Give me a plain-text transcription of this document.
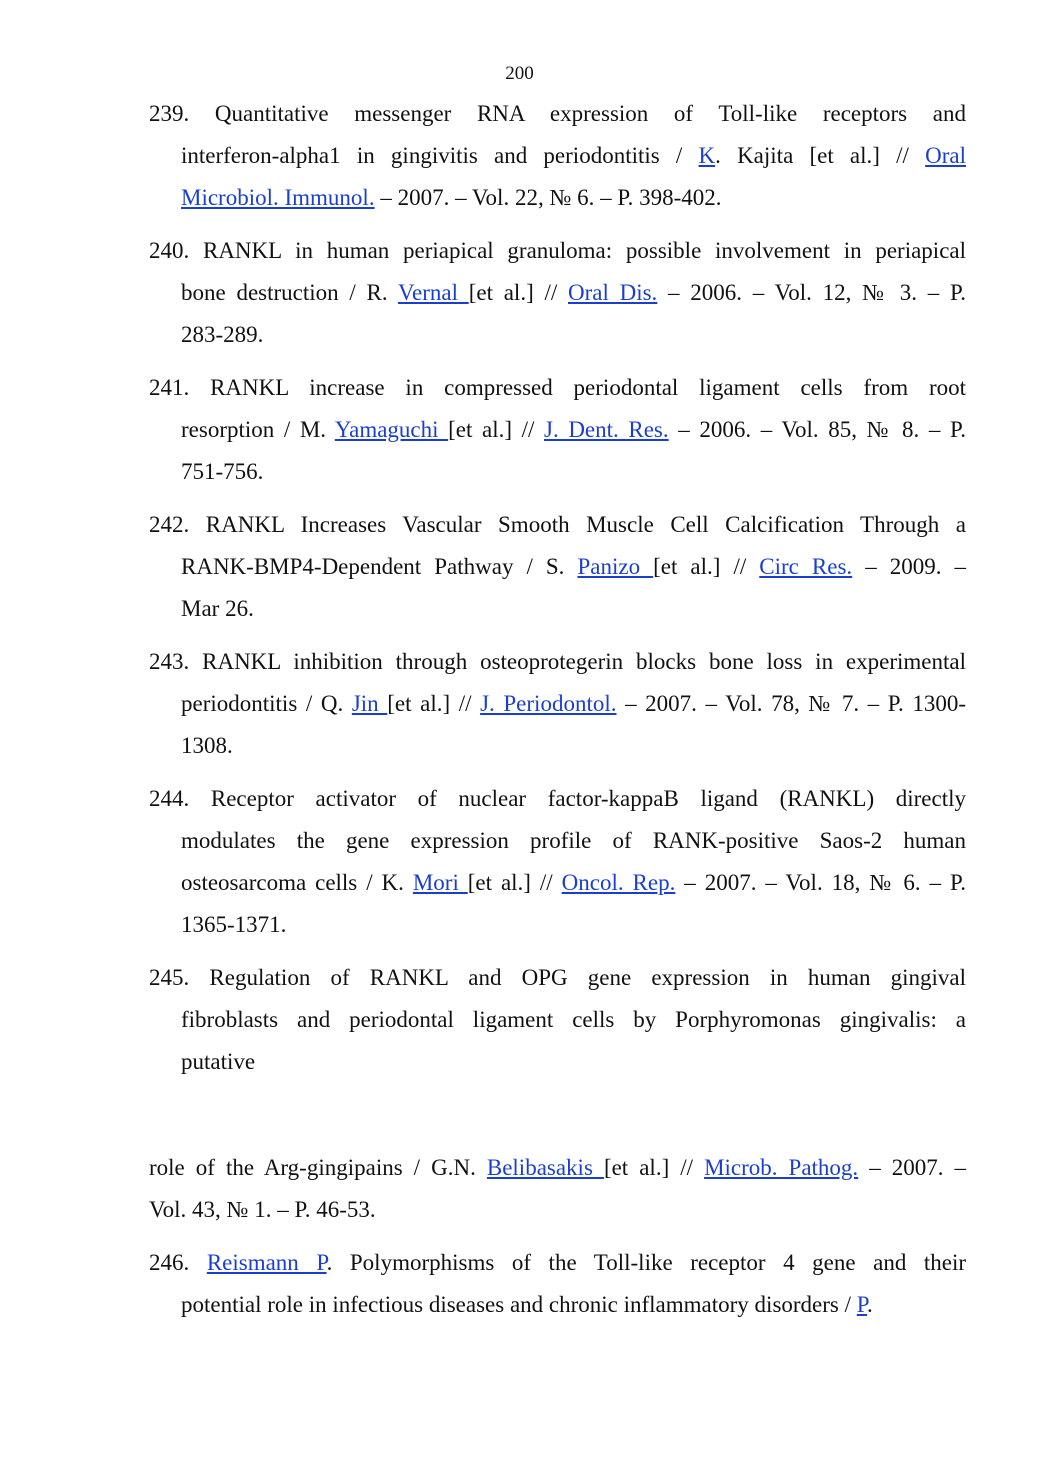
200
239. Quantitative messenger RNA expression of Toll-like receptors and
interferon-alpha1 in gingivitis and periodontitis / K. Kajita [et al.] // Oral
Microbiol. Immunol. – 2007. – Vol. 22, № 6. – P. 398-402.
240. RANKL in human periapical granuloma: possible involvement in periapical
bone destruction / R. Vernal [et al.] // Oral Dis. – 2006. – Vol. 12, № 3. – P.
283-289.
241. RANKL increase in compressed periodontal ligament cells from root
resorption / M. Yamaguchi [et al.] // J. Dent. Res. – 2006. – Vol. 85, № 8. – P.
751-756.
242. RANKL Increases Vascular Smooth Muscle Cell Calcification Through a
RANK-BMP4-Dependent Pathway / S. Panizo [et al.] // Circ Res. – 2009. –
Mar 26.
243. RANKL inhibition through osteoprotegerin blocks bone loss in experimental
periodontitis / Q. Jin [et al.] // J. Periodontol. – 2007. – Vol. 78, № 7. – P. 1300-
1308.
244. Receptor activator of nuclear factor-kappaB ligand (RANKL) directly
modulates the gene expression profile of RANK-positive Saos-2 human
osteosarcoma cells / K. Mori [et al.] // Oncol. Rep. – 2007. – Vol. 18, № 6. – P.
1365-1371.
245. Regulation of RANKL and OPG gene expression in human gingival
fibroblasts and periodontal ligament cells by Porphyromonas gingivalis: a
putative
role of the Arg-gingipains / G.N. Belibasakis [et al.] // Microb. Pathog. – 2007. –
Vol. 43, № 1. – P. 46-53.
246. Reismann P. Polymorphisms of the Toll-like receptor 4 gene and their
potential role in infectious diseases and chronic inflammatory disorders / P.
